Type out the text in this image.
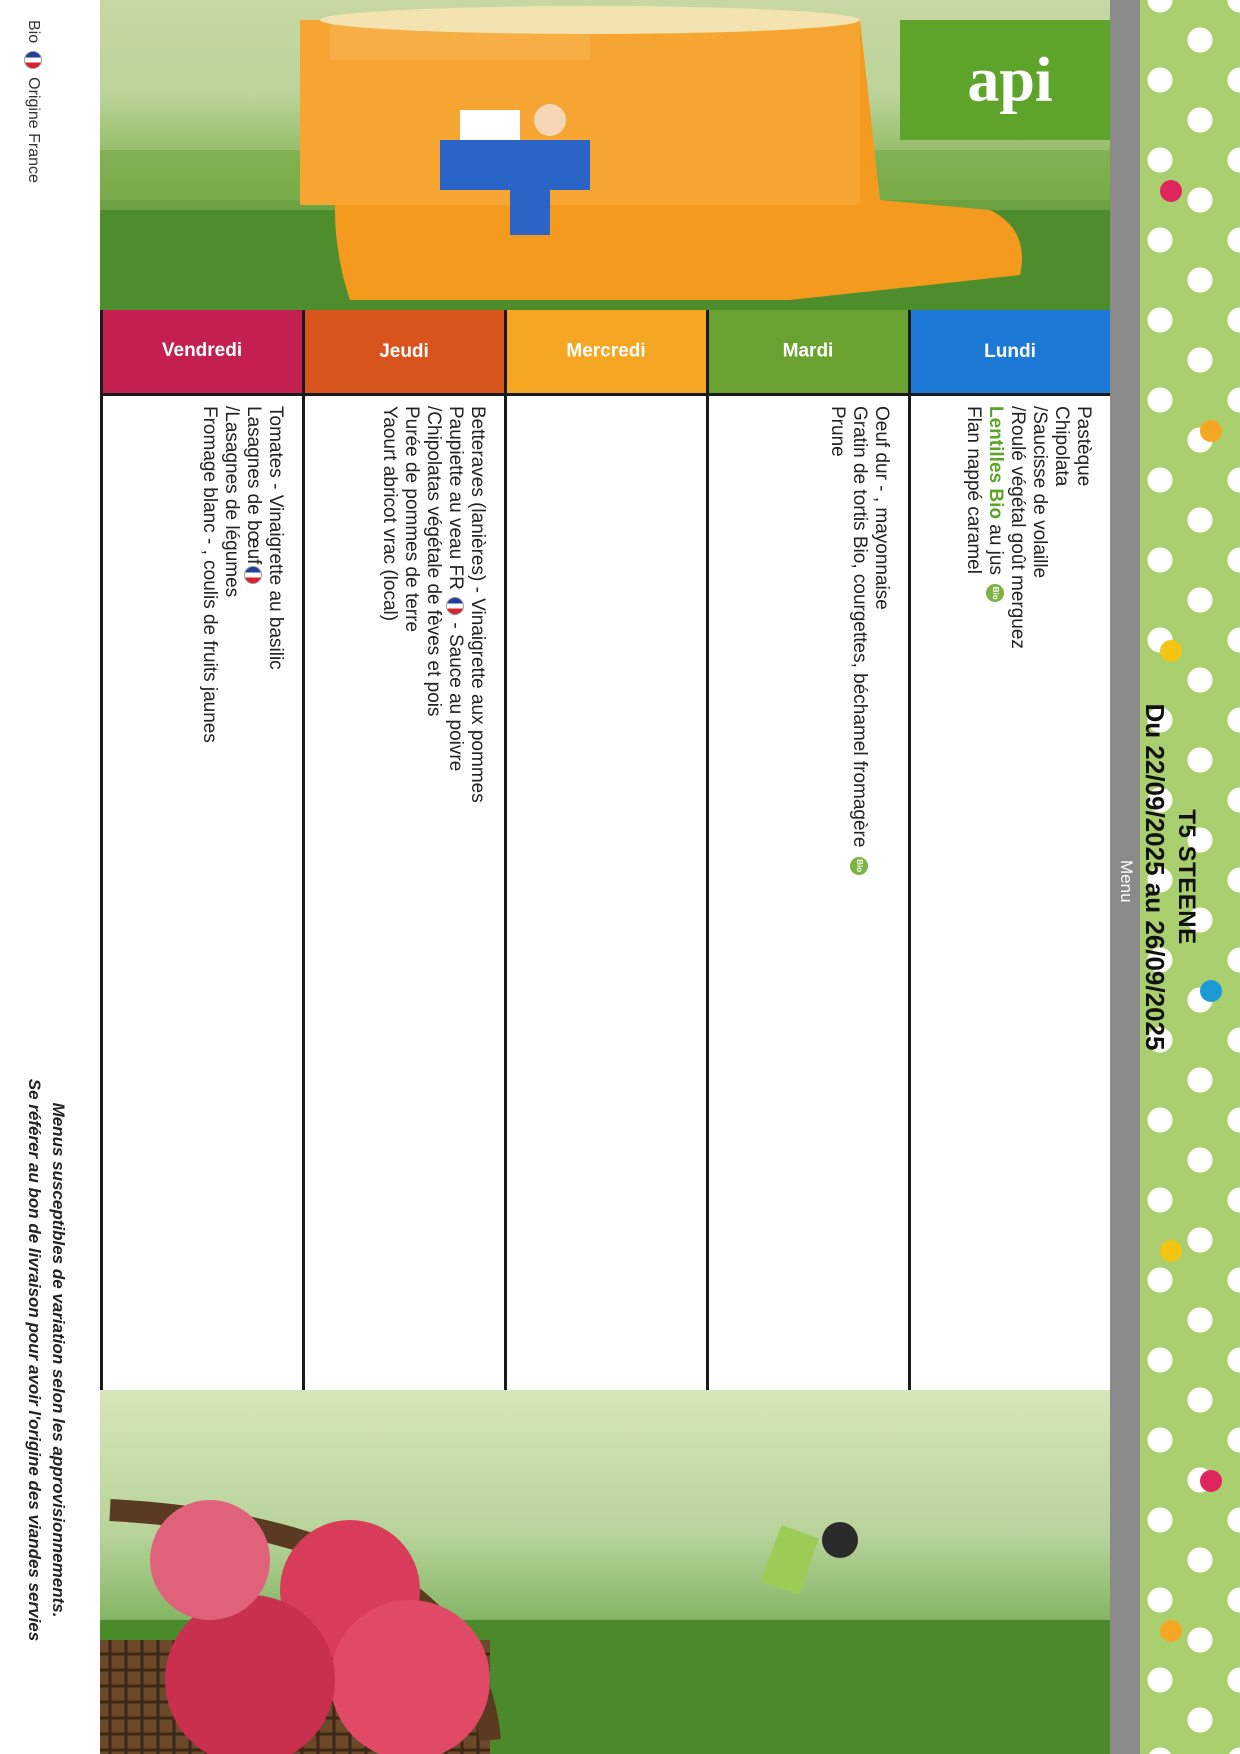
T5 STEENE
Du 22/09/2025 au 26/09/2025
Menu
api
Lundi
Pastèque
Chipolata
/Saucisse de volaille
/Roulé végétal goût merguez
Lentilles Bio au jus Bio
Flan nappé caramel
Mardi
Oeuf dur - , mayonnaise
Gratin de tortis Bio, courgettes, béchamel fromagère Bio
Prune
Mercredi
Jeudi
Betteraves (lanières) - Vinaigrette aux pommes
Paupiette au veau FR  - Sauce au poivre
/Chipolatas végétale de fèves et pois
Purée de pommes de terre
Yaourt abricot vrac (local)
Vendredi
Tomates - Vinaigrette au basilic
Lasagnes de bœuf
/Lasagnes de légumes
Fromage blanc - , coulis de fruits jaunes
Bio
Origine France
Menus susceptibles de variation selon les approvisionnements.
Se référer au bon de livraison pour avoir l'origine des viandes servies
